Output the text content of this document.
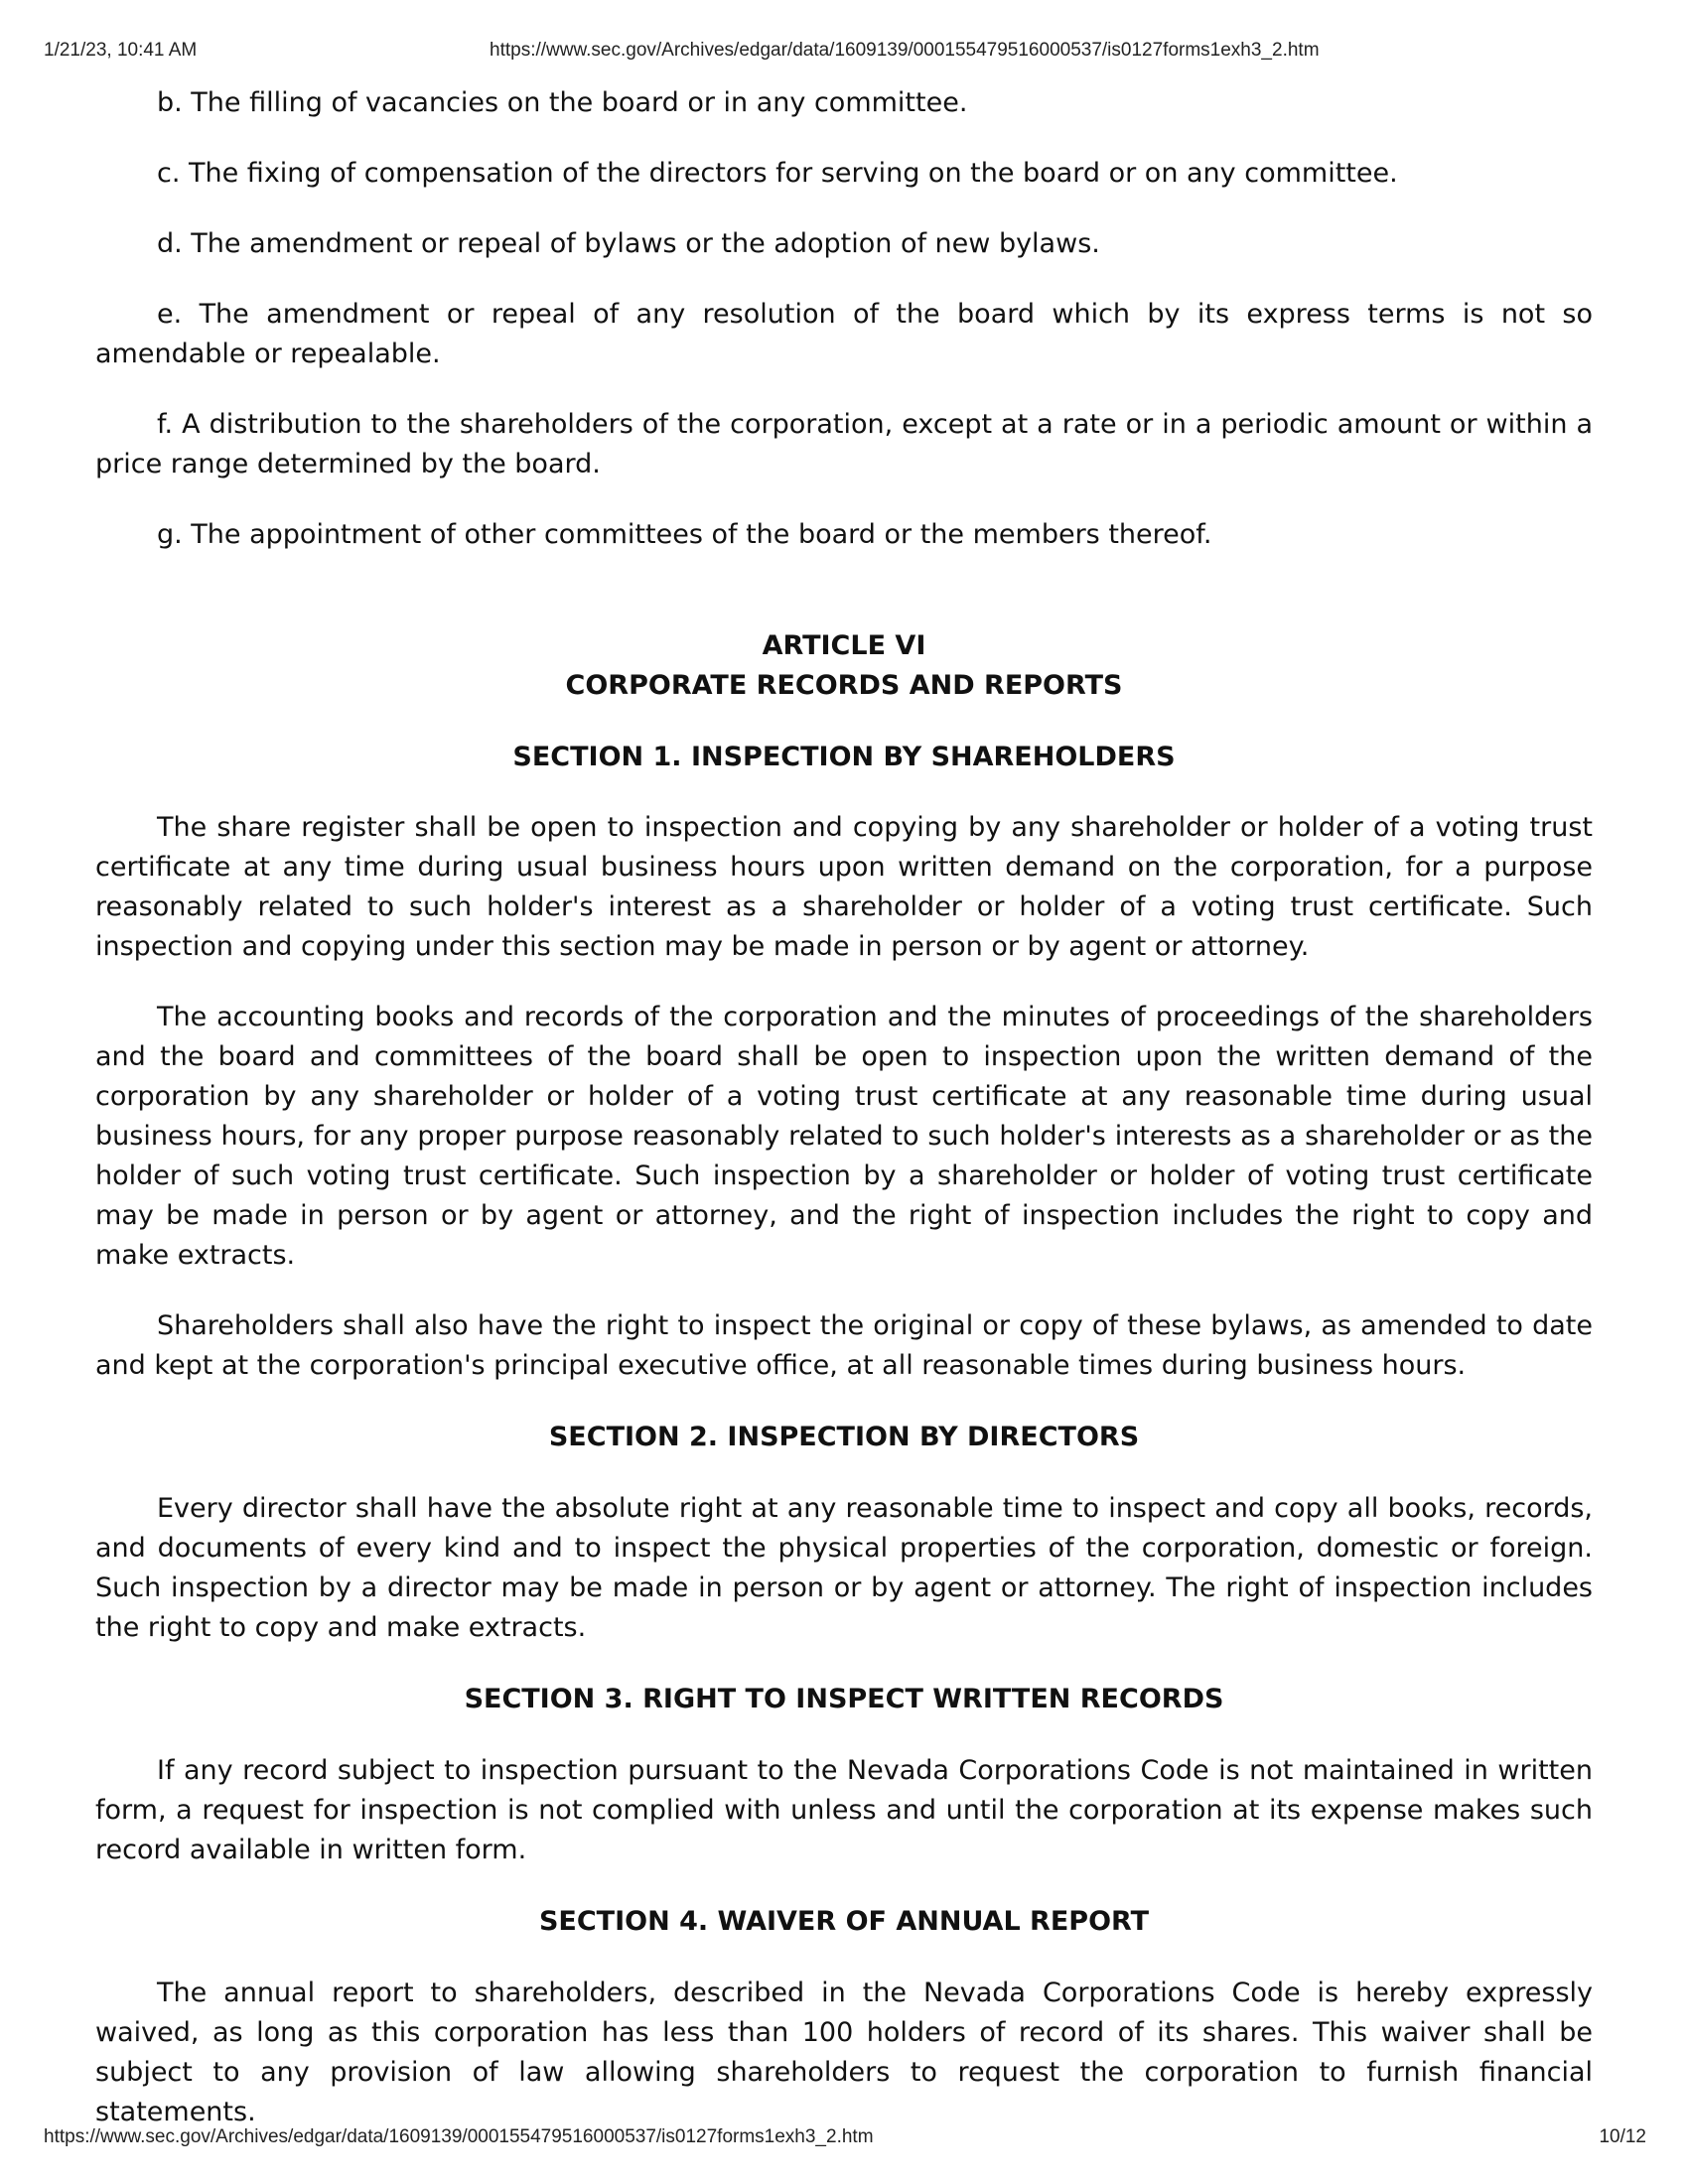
1/21/23, 10:41 AM	https://www.sec.gov/Archives/edgar/data/1609139/000155479516000537/is0127forms1exh3_2.htm

b. The filling of vacancies on the board or in any committee.

c. The fixing of compensation of the directors for serving on the board or on any committee.

d. The amendment or repeal of bylaws or the adoption of new bylaws.

e. The amendment or repeal of any resolution of the board which by its express terms is not so amendable or repealable.

f. A distribution to the shareholders of the corporation, except at a rate or in a periodic amount or within a price range determined by the board.

g. The appointment of other committees of the board or the members thereof.

ARTICLE VI

CORPORATE RECORDS AND REPORTS

SECTION 1. INSPECTION BY SHAREHOLDERS

The share register shall be open to inspection and copying by any shareholder or holder of a voting trust certificate at any time during usual business hours upon written demand on the corporation, for a purpose reasonably related to such holder's interest as a shareholder or holder of a voting trust certificate. Such inspection and copying under this section may be made in person or by agent or attorney.

The accounting books and records of the corporation and the minutes of proceedings of the shareholders and the board and committees of the board shall be open to inspection upon the written demand of the corporation by any shareholder or holder of a voting trust certificate at any reasonable time during usual business hours, for any proper purpose reasonably related to such holder's interests as a shareholder or as the holder of such voting trust certificate. Such inspection by a shareholder or holder of voting trust certificate may be made in person or by agent or attorney, and the right of inspection includes the right to copy and make extracts.

Shareholders shall also have the right to inspect the original or copy of these bylaws, as amended to date and kept at the corporation's principal executive office, at all reasonable times during business hours.

SECTION 2. INSPECTION BY DIRECTORS

Every director shall have the absolute right at any reasonable time to inspect and copy all books, records, and documents of every kind and to inspect the physical properties of the corporation, domestic or foreign. Such inspection by a director may be made in person or by agent or attorney. The right of inspection includes the right to copy and make extracts.

SECTION 3. RIGHT TO INSPECT WRITTEN RECORDS

If any record subject to inspection pursuant to the Nevada Corporations Code is not maintained in written form, a request for inspection is not complied with unless and until the corporation at its expense makes such record available in written form.

SECTION 4. WAIVER OF ANNUAL REPORT

The annual report to shareholders, described in the Nevada Corporations Code is hereby expressly waived, as long as this corporation has less than 100 holders of record of its shares. This waiver shall be subject to any provision of law allowing shareholders to request the corporation to furnish financial statements.

https://www.sec.gov/Archives/edgar/data/1609139/000155479516000537/is0127forms1exh3_2.htm	10/12
